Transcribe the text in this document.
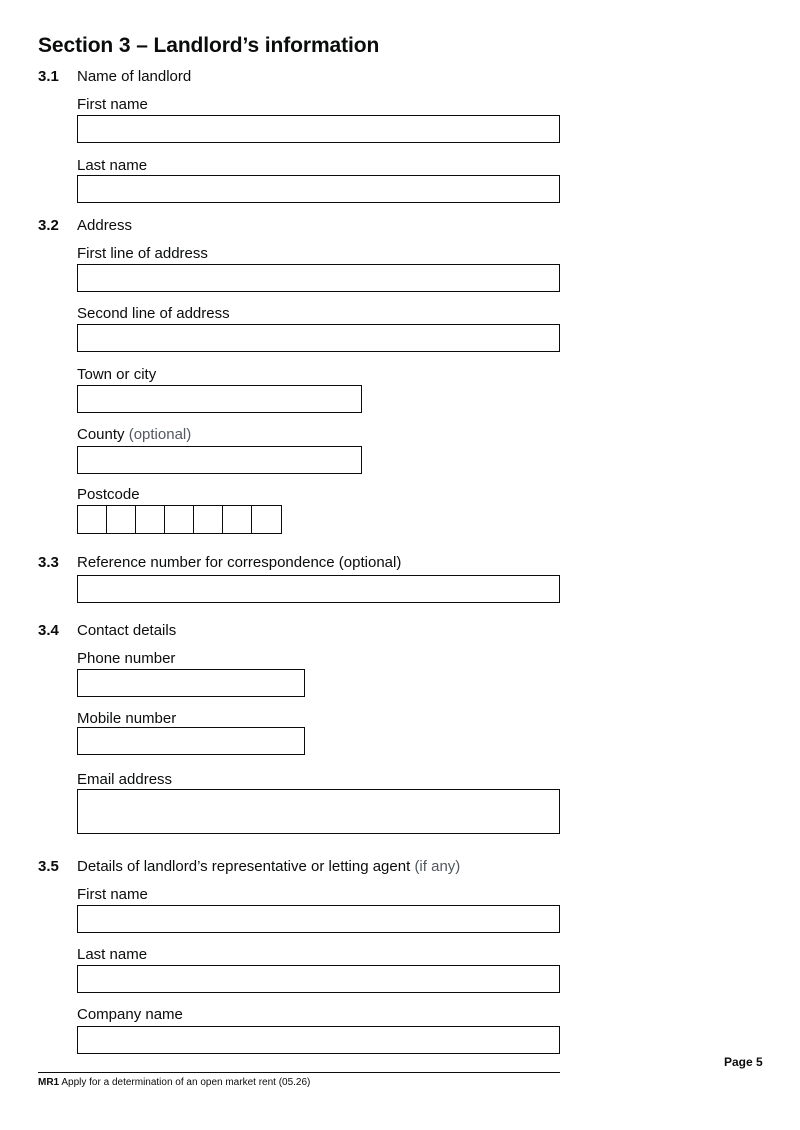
Section 3 – Landlord’s information
3.1 Name of landlord
First name
Last name
3.2 Address
First line of address
Second line of address
Town or city
County (optional)
Postcode
3.3 Reference number for correspondence (optional)
3.4 Contact details
Phone number
Mobile number
Email address
3.5 Details of landlord’s representative or letting agent (if any)
First name
Last name
Company name
Page 5
MR1 Apply for a determination of an open market rent (05.26)
